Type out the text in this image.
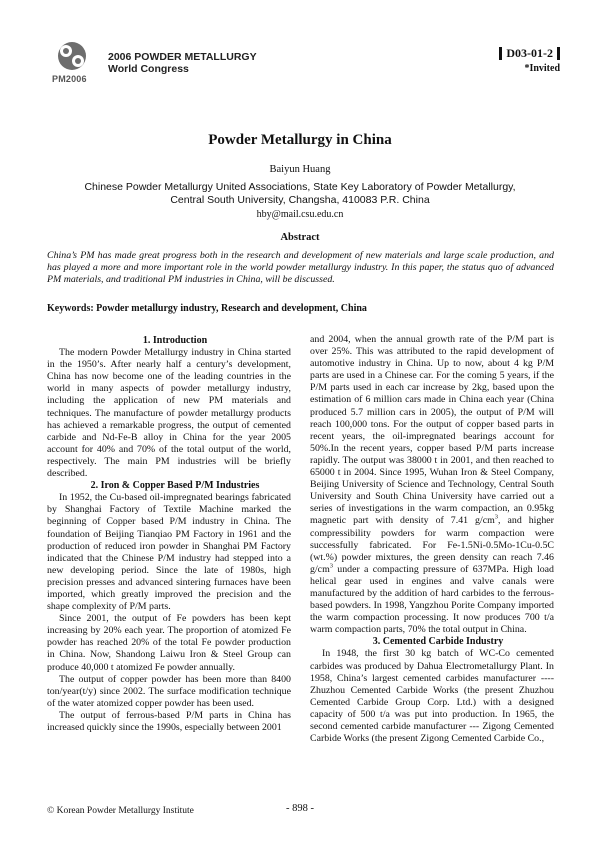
PM2006
2006 POWDER METALLURGY
World Congress
D03-01-2
*Invited
Powder Metallurgy in China
Baiyun Huang
Chinese Powder Metallurgy United Associations, State Key Laboratory of Powder Metallurgy,
Central South University, Changsha, 410083 P.R. China
hby@mail.csu.edu.cn
Abstract
China’s PM has made great progress both in the research and development of new materials and large scale production, and has played a more and more important role in the world powder metallurgy industry. In this paper, the status quo of advanced PM materials, and traditional PM industries in China, will be discussed.
Keywords: Powder metallurgy industry, Research and development, China

1. Introduction

The modern Powder Metallurgy industry in China started in the 1950’s. After nearly half a century’s development, China has now become one of the leading countries in the world in many aspects of powder metallurgy industry, including the application of new PM materials and techniques. The manufacture of powder metallurgy products has achieved a remarkable progress, the output of cemented carbide and Nd-Fe-B alloy in China for the year 2005 account for 40% and 70% of the total output of the world, respectively. The main PM industries will be briefly described.

2. Iron & Copper Based P/M Industries

In 1952, the Cu-based oil-impregnated bearings fabricated by Shanghai Factory of Textile Machine marked the beginning of Copper based P/M industry in China. The foundation of Beijing Tianqiao PM Factory in 1961 and the production of reduced iron powder in Shanghai PM Factory indicated that the Chinese P/M industry had stepped into a new developing period. Since the late of 1980s, high precision presses and advanced sintering furnaces have been imported, which greatly improved the precision and the shape complexity of P/M parts.

Since 2001, the output of Fe powders has been kept increasing by 20% each year. The proportion of atomized Fe powder has reached 20% of the total Fe powder production in China. Now, Shandong Laiwu Iron & Steel Group can produce 40,000 t atomized Fe powder annually.

The output of copper powder has been more than 8400 ton/year(t/y) since 2002. The surface modification technique of the water atomized copper powder has been used.

The output of ferrous-based P/M parts in China has increased quickly since the 1990s, especially between 2001

and 2004, when the annual growth rate of the P/M part is over 25%. This was attributed to the rapid development of automotive industry in China. Up to now, about 4 kg P/M parts are used in a Chinese car. For the coming 5 years, if the P/M parts used in each car increase by 2kg, based upon the estimation of 6 million cars made in China each year (China produced 5.7 million cars in 2005), the output of P/M will reach 100,000 tons. For the output of copper based parts in recent years, the oil-impregnated bearings account for 50%.In the recent years, copper based P/M parts increase rapidly. The output was 38000 t in 2001, and then reached to 65000 t in 2004. Since 1995, Wuhan Iron & Steel Company, Beijing University of Science and Technology, Central South University and South China University have carried out a series of investigations in the warm compaction, an 0.95kg magnetic part with density of 7.41 $g/cm^3$, and higher compressibility powders for warm compaction were successfully fabricated. For Fe-1.5Ni-0.5Mo-1Cu-0.5C (wt.%) powder mixtures, the green density can reach 7.46 $g/cm^3$ under a compacting pressure of 637MPa. High load helical gear used in engines and valve canals were manufactured by the addition of hard carbides to the ferrous-based powders. In 1998, Yangzhou Porite Company imported the warm compaction processing. It now produces 700 t/a warm compaction parts, 70% the total output in China.

3. Cemented Carbide Industry

In 1948, the first 30 kg batch of WC-Co cemented carbides was produced by Dahua Electrometallurgy Plant. In 1958, China’s largest cemented carbides manufacturer ---- Zhuzhou Cemented Carbide Works (the present Zhuzhou Cemented Carbide Group Corp. Ltd.) with a designed capacity of 500 t/a was put into production. In 1965, the second cemented carbide manufacturer --- Zigong Cemented Carbide Works (the present Zigong Cemented Carbide Co.,

© Korean Powder Metallurgy Institute	- 898 -
